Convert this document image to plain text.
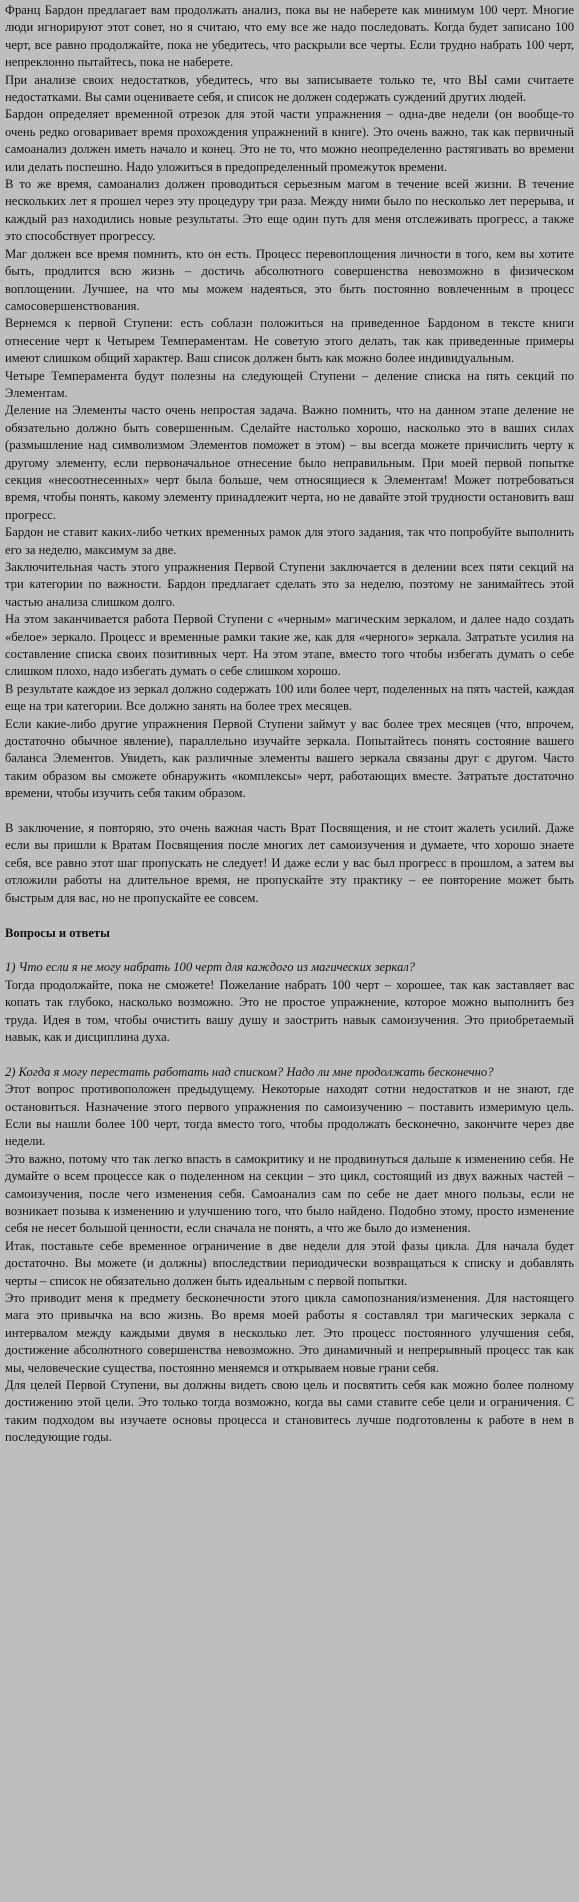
Франц Бардон предлагает вам продолжать анализ, пока вы не наберете как минимум 100 черт. Многие люди игнорируют этот совет, но я считаю, что ему все же надо последовать. Когда будет записано 100 черт, все равно продолжайте, пока не убедитесь, что раскрыли все черты. Если трудно набрать 100 черт, непреклонно пытайтесь, пока не наберете.

При анализе своих недостатков, убедитесь, что вы записываете только те, что ВЫ сами считаете недостатками. Вы сами оцениваете себя, и список не должен содержать суждений других людей.

Бардон определяет временной отрезок для этой части упражнения – одна-две недели (он вообще-то очень редко оговаривает время прохождения упражнений в книге). Это очень важно, так как первичный самоанализ должен иметь начало и конец. Это не то, что можно неопределенно растягивать во времени или делать поспешно. Надо уложиться в предопределенный промежуток времени.

В то же время, самоанализ должен проводиться серьезным магом в течение всей жизни. В течение нескольких лет я прошел через эту процедуру три раза. Между ними было по несколько лет перерыва, и каждый раз находились новые результаты. Это еще один путь для меня отслеживать прогресс, а также это способствует прогрессу.

Маг должен все время помнить, кто он есть. Процесс перевоплощения личности в того, кем вы хотите быть, продлится всю жизнь – достичь абсолютного совершенства невозможно в физическом воплощении. Лучшее, на что мы можем надеяться, это быть постоянно вовлеченным в процесс самосовершенствования.

Вернемся к первой Ступени: есть соблазн положиться на приведенное Бардоном в тексте книги отнесение черт к Четырем Темпераментам. Не советую этого делать, так как приведенные примеры имеют слишком общий характер. Ваш список должен быть как можно более индивидуальным.

Четыре Темперамента будут полезны на следующей Ступени – деление списка на пять секций по Элементам.

Деление на Элементы часто очень непростая задача. Важно помнить, что на данном этапе деление не обязательно должно быть совершенным. Сделайте настолько хорошо, насколько это в ваших силах (размышление над символизмом Элементов поможет в этом) – вы всегда можете причислить черту к другому элементу, если первоначальное отнесение было неправильным. При моей первой попытке секция «несоотнесенных» черт была больше, чем относящиеся к Элементам! Может потребоваться время, чтобы понять, какому элементу принадлежит черта, но не давайте этой трудности остановить ваш прогресс.

Бардон не ставит каких-либо четких временных рамок для этого задания, так что попробуйте выполнить его за неделю, максимум за две.

Заключительная часть этого упражнения Первой Ступени заключается в делении всех пяти секций на три категории по важности. Бардон предлагает сделать это за неделю, поэтому не занимайтесь этой частью анализа слишком долго.

На этом заканчивается работа Первой Ступени с «черным» магическим зеркалом, и далее надо создать «белое» зеркало. Процесс и временные рамки такие же, как для «черного» зеркала. Затратьте усилия на составление списка своих позитивных черт. На этом этапе, вместо того чтобы избегать думать о себе слишком плохо, надо избегать думать о себе слишком хорошо.

В результате каждое из зеркал должно содержать 100 или более черт, поделенных на пять частей, каждая еще на три категории. Все должно занять на более трех месяцев.

Если какие-либо другие упражнения Первой Ступени займут у вас более трех месяцев (что, впрочем, достаточно обычное явление), параллельно изучайте зеркала. Попытайтесь понять состояние вашего баланса Элементов. Увидеть, как различные элементы вашего зеркала связаны друг с другом. Часто таким образом вы сможете обнаружить «комплексы» черт, работающих вместе. Затратьте достаточно времени, чтобы изучить себя таким образом.

В заключение, я повторяю, это очень важная часть Врат Посвящения, и не стоит жалеть усилий. Даже если вы пришли к Вратам Посвящения после многих лет самоизучения и думаете, что хорошо знаете себя, все равно этот шаг пропускать не следует! И даже если у вас был прогресс в прошлом, а затем вы отложили работы на длительное время, не пропускайте эту практику – ее повторение может быть быстрым для вас, но не пропускайте ее совсем.

Вопросы и ответы

1) Что если я не могу набрать 100 черт для каждого из магических зеркал?

Тогда продолжайте, пока не сможете! Пожелание набрать 100 черт – хорошее, так как заставляет вас копать так глубоко, насколько возможно. Это не простое упражнение, которое можно выполнить без труда. Идея в том, чтобы очистить вашу душу и заострить навык самоизучения. Это приобретаемый навык, как и дисциплина духа.

2) Когда я могу перестать работать над списком? Надо ли мне продолжать бесконечно?

Этот вопрос противоположен предыдущему. Некоторые находят сотни недостатков и не знают, где остановиться. Назначение этого первого упражнения по самоизучению – поставить измеримую цель. Если вы нашли более 100 черт, тогда вместо того, чтобы продолжать бесконечно, закончите через две недели.

Это важно, потому что так легко впасть в самокритику и не продвинуться дальше к изменению себя. Не думайте о всем процессе как о поделенном на секции – это цикл, состоящий из двух важных частей – самоизучения, после чего изменения себя. Самоанализ сам по себе не дает много пользы, если не возникает позыва к изменению и улучшению того, что было найдено. Подобно этому, просто изменение себя не несет большой ценности, если сначала не понять, а что же было до изменения.

Итак, поставьте себе временное ограничение в две недели для этой фазы цикла. Для начала будет достаточно. Вы можете (и должны) впоследствии периодически возвращаться к списку и добавлять черты – список не обязательно должен быть идеальным с первой попытки.

Это приводит меня к предмету бесконечности этого цикла самопознания/изменения. Для настоящего мага это привычка на всю жизнь. Во время моей работы я составлял три магических зеркала с интервалом между каждыми двумя в несколько лет. Это процесс постоянного улучшения себя, достижение абсолютного совершенства невозможно. Это динамичный и непрерывный процесс так как мы, человеческие существа, постоянно меняемся и открываем новые грани себя.

Для целей Первой Ступени, вы должны видеть свою цель и посвятить себя как можно более полному достижению этой цели. Это только тогда возможно, когда вы сами ставите себе цели и ограничения. С таким подходом вы изучаете основы процесса и становитесь лучше подготовлены к работе в нем в последующие годы.
